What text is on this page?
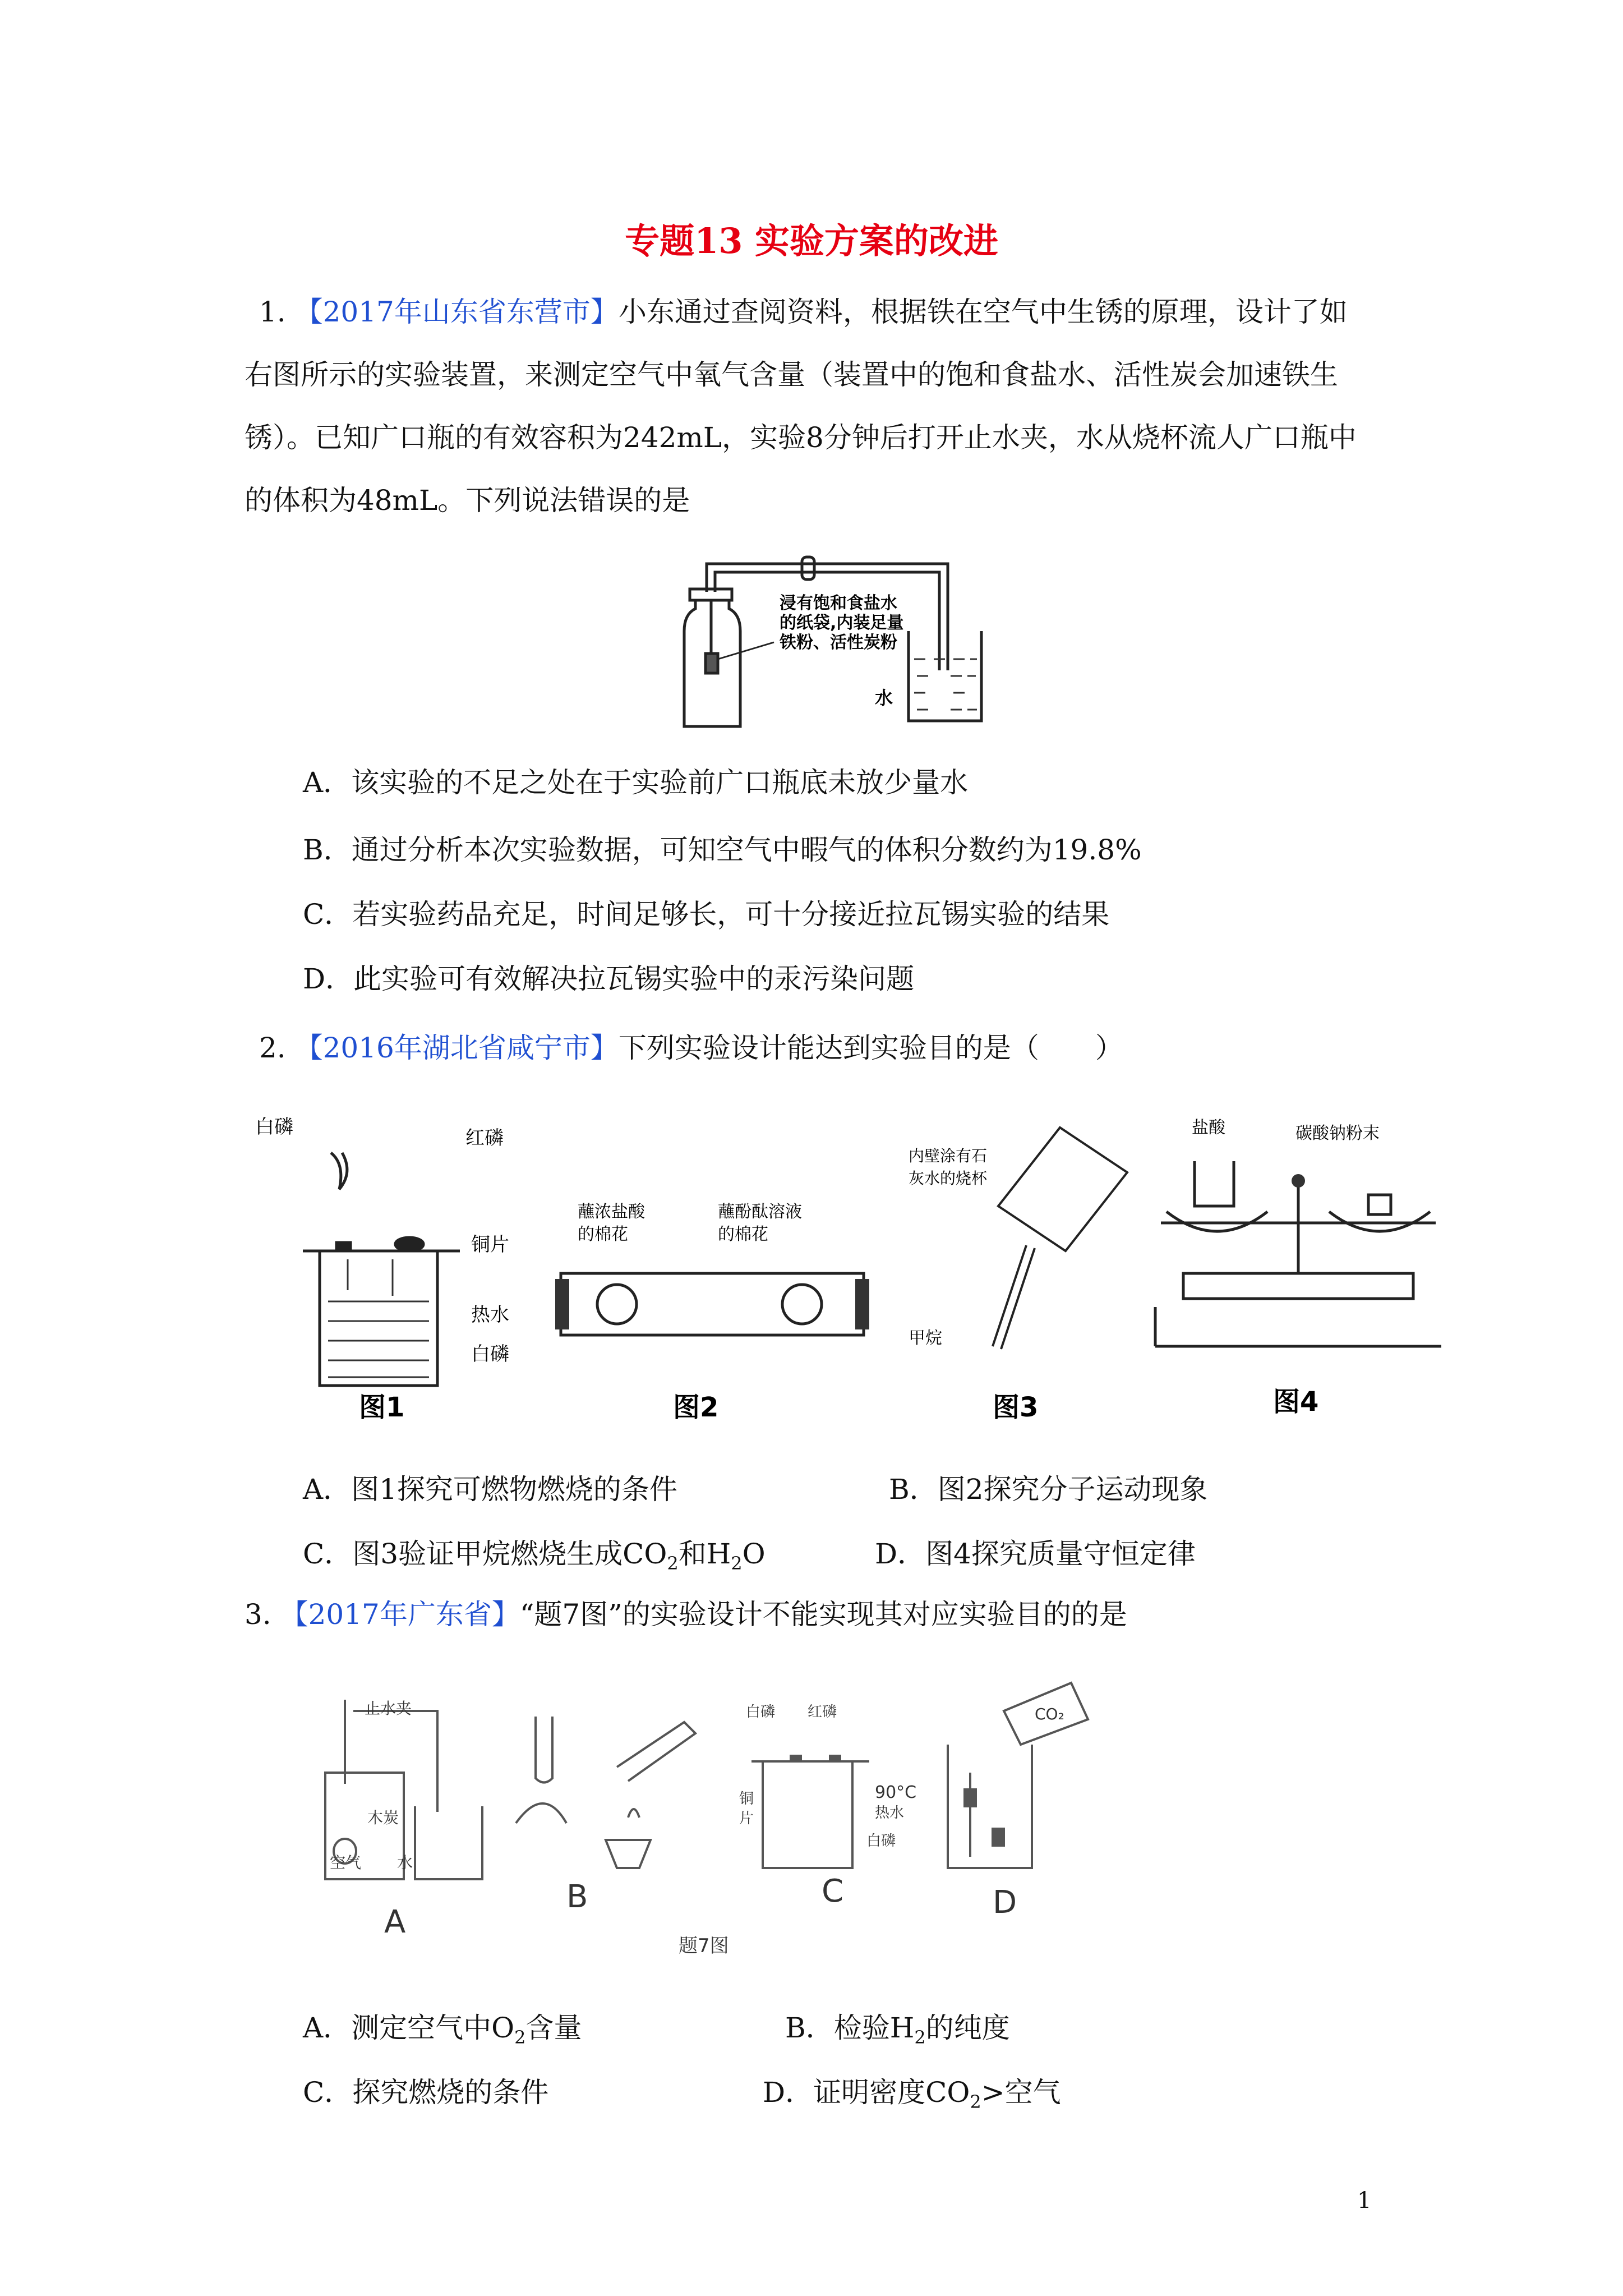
专题13 实验方案的改进
1. 【2017年山东省东营市】小东通过查阅资料，根据铁在空气中生锈的原理，设计了如
右图所示的实验装置，来测定空气中氧气含量（装置中的饱和食盐水、活性炭会加速铁生
锈）。已知广口瓶的有效容积为242mL，实验8分钟后打开止水夹，水从烧杯流人广口瓶中
的体积为48mL。下列说法错误的是
浸有饱和食盐水
的纸袋,内装足量
铁粉、活性炭粉
水
A．该实验的不足之处在于实验前广口瓶底未放少量水
B．通过分析本次实验数据，可知空气中暇气的体积分数约为19.8%
C．若实验药品充足，时间足够长，可十分接近拉瓦锡实验的结果
D．此实验可有效解决拉瓦锡实验中的汞污染问题
2. 【2016年湖北省咸宁市】下列实验设计能达到实验目的是（　　）
白磷	红磷
铜片
热水
白磷
图1
蘸浓盐酸
的棉花
蘸酚酞溶液
的棉花
图2
内壁涂有石
灰水的烧杯
甲烷
图3
盐酸	碳酸钠粉末
图4
A．图1探究可燃物燃烧的条件	B．图2探究分子运动现象
C．图3验证甲烷燃烧生成$CO_2$和$H_2O$	D．图4探究质量守恒定律
3. 【2017年广东省】“题7图”的实验设计不能实现其对应实验目的的是
止水夹
木炭
空气 水
A
B
白磷 红磷
90°C
热水
铜
片
白磷
C
CO₂
D
题7图
A．测定空气中$O_2$含量	B．检验$H_2$的纯度
C．探究燃烧的条件	D．证明密度$CO_2>$空气
1
